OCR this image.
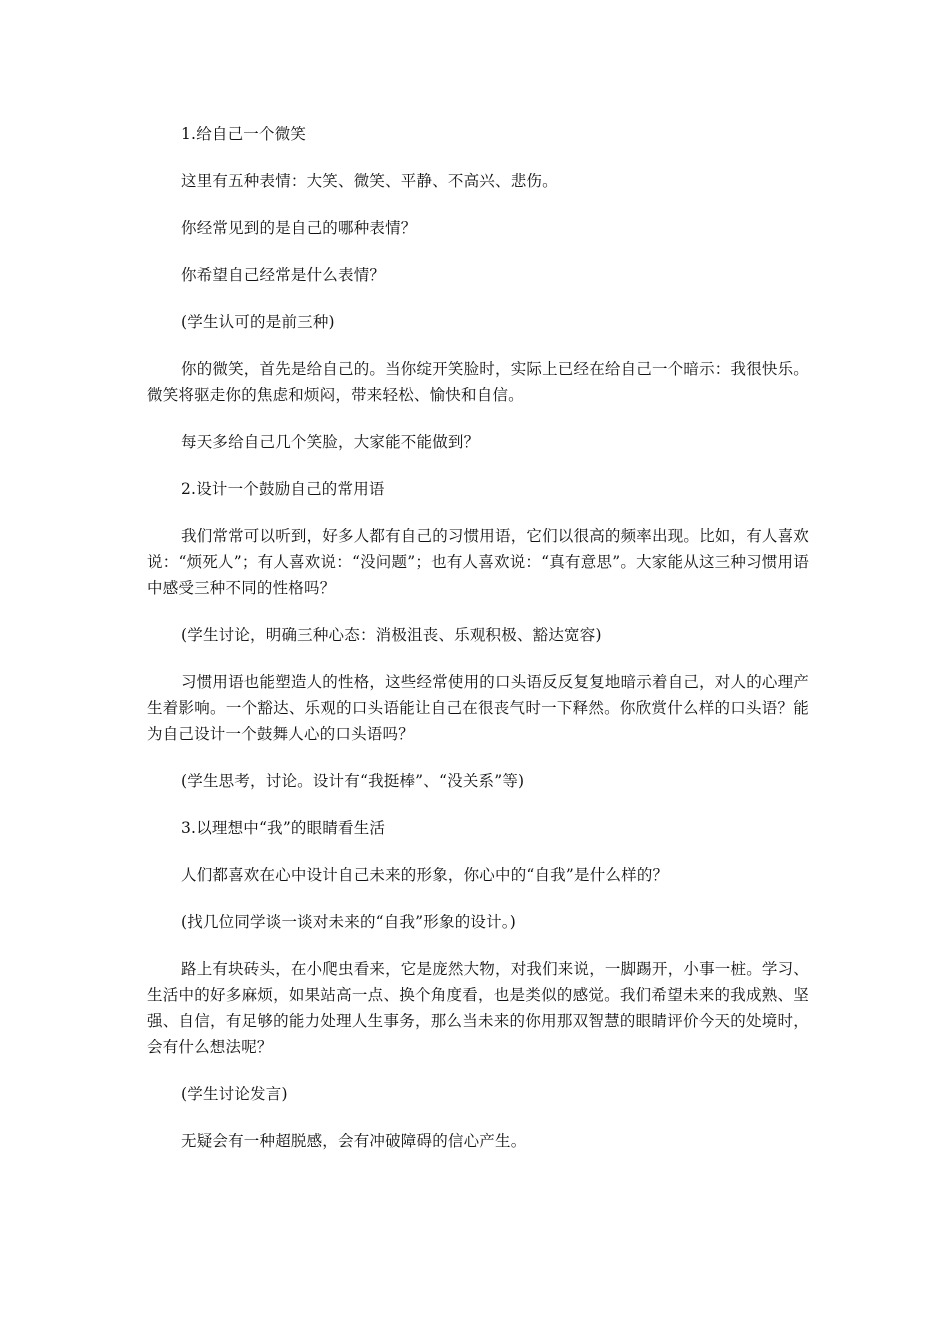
1.给自己一个微笑

这里有五种表情：大笑、微笑、平静、不高兴、悲伤。

你经常见到的是自己的哪种表情？

你希望自己经常是什么表情？

(学生认可的是前三种)

你的微笑，首先是给自己的。当你绽开笑脸时，实际上已经在给自己一个暗示：我很快乐。微笑将驱走你的焦虑和烦闷，带来轻松、愉快和自信。

每天多给自己几个笑脸，大家能不能做到？

2.设计一个鼓励自己的常用语

我们常常可以听到，好多人都有自己的习惯用语，它们以很高的频率出现。比如，有人喜欢说：“烦死人”；有人喜欢说：“没问题”；也有人喜欢说：“真有意思”。大家能从这三种习惯用语中感受三种不同的性格吗？

(学生讨论，明确三种心态：消极沮丧、乐观积极、豁达宽容)

习惯用语也能塑造人的性格，这些经常使用的口头语反反复复地暗示着自己，对人的心理产生着影响。一个豁达、乐观的口头语能让自己在很丧气时一下释然。你欣赏什么样的口头语？能为自己设计一个鼓舞人心的口头语吗？

(学生思考，讨论。设计有“我挺棒”、“没关系”等)

3.以理想中“我”的眼睛看生活

人们都喜欢在心中设计自己未来的形象，你心中的“自我”是什么样的？

(找几位同学谈一谈对未来的“自我”形象的设计。)

路上有块砖头，在小爬虫看来，它是庞然大物，对我们来说，一脚踢开，小事一桩。学习、生活中的好多麻烦，如果站高一点、换个角度看，也是类似的感觉。我们希望未来的我成熟、坚强、自信，有足够的能力处理人生事务，那么当未来的你用那双智慧的眼睛评价今天的处境时，会有什么想法呢？

(学生讨论发言)

无疑会有一种超脱感，会有冲破障碍的信心产生。
